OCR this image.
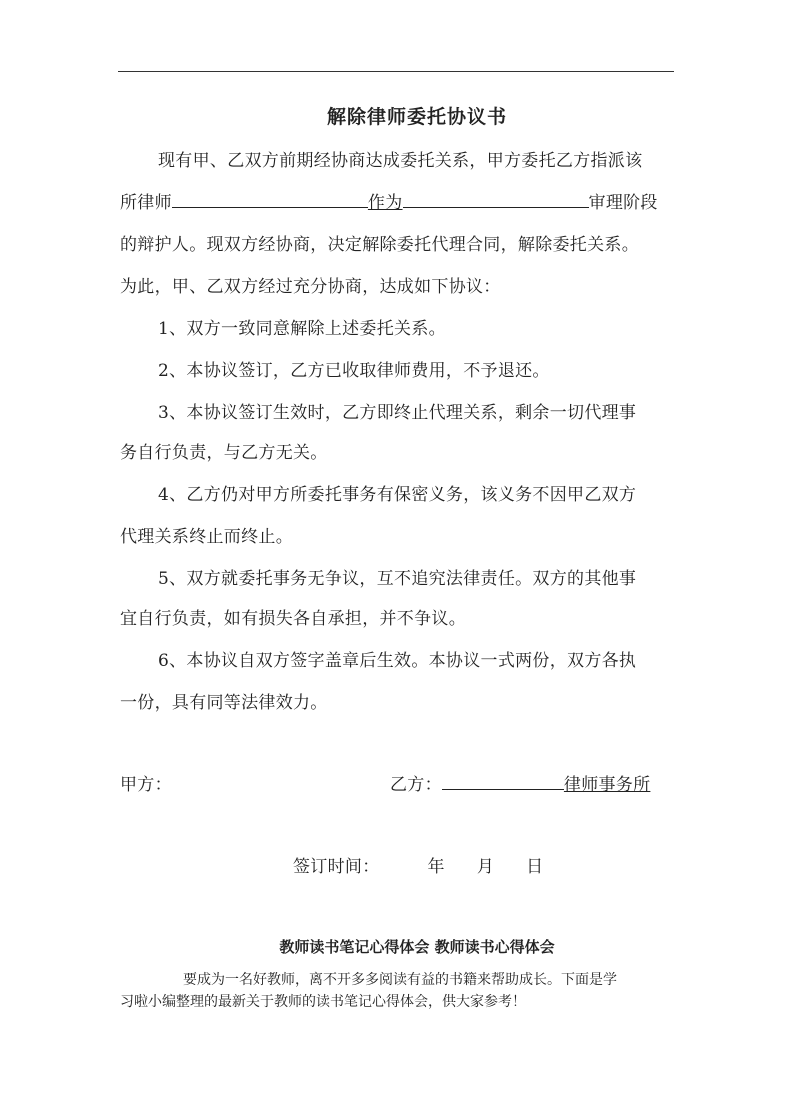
解除律师委托协议书
现有甲、乙双方前期经协商达成委托关系，甲方委托乙方指派该
所律师	作为	审理阶段
的辩护人。现双方经协商，决定解除委托代理合同，解除委托关系。
为此，甲、乙双方经过充分协商，达成如下协议：
1、双方一致同意解除上述委托关系。
2、本协议签订，乙方已收取律师费用，不予退还。
3、本协议签订生效时，乙方即终止代理关系，剩余一切代理事
务自行负责，与乙方无关。
4、乙方仍对甲方所委托事务有保密义务，该义务不因甲乙双方
代理关系终止而终止。
5、双方就委托事务无争议，互不追究法律责任。双方的其他事
宜自行负责，如有损失各自承担，并不争议。
6、本协议自双方签字盖章后生效。本协议一式两份，双方各执
一份，具有同等法律效力。
甲方：	乙方：	律师事务所
签订时间：	年 月 日
教师读书笔记心得体会 教师读书心得体会
要成为一名好教师，离不开多多阅读有益的书籍来帮助成长。下面是学
习啦小编整理的最新关于教师的读书笔记心得体会，供大家参考！
